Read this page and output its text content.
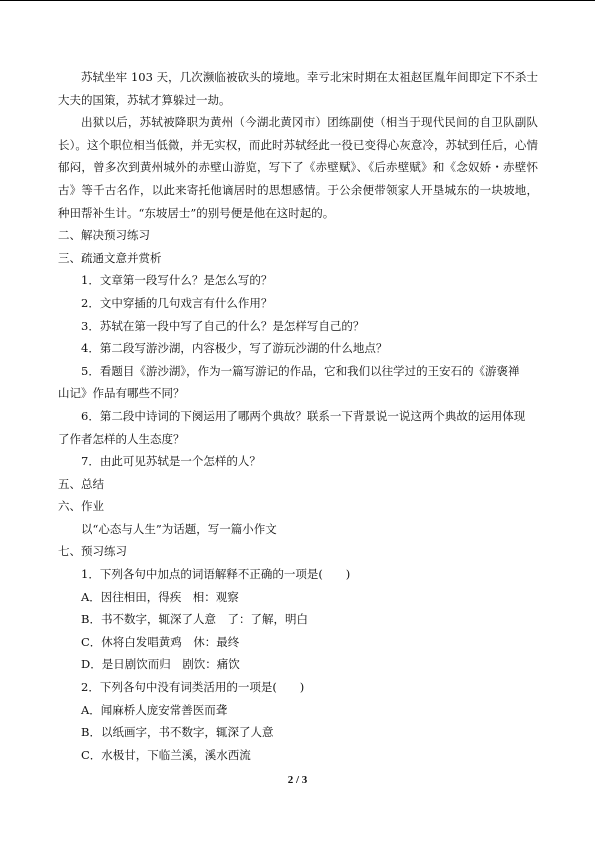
苏轼坐牢 103 天，几次濒临被砍头的境地。幸亏北宋时期在太祖赵匡胤年间即定下不杀士大夫的国策，苏轼才算躲过一劫。

出狱以后，苏轼被降职为黄州（今湖北黄冈市）团练副使（相当于现代民间的自卫队副队长）。这个职位相当低微，并无实权，而此时苏轼经此一役已变得心灰意冷，苏轼到任后，心情郁闷，曾多次到黄州城外的赤壁山游览，写下了《赤壁赋》、《后赤壁赋》和《念奴娇・赤壁怀古》等千古名作，以此来寄托他谪居时的思想感情。于公余便带领家人开垦城东的一块坡地，种田帮补生计。“东坡居士”的别号便是他在这时起的。

二、解决预习练习

三、疏通文意并赏析

1．文章第一段写什么？是怎么写的？

2．文中穿插的几句戏言有什么作用？

3．苏轼在第一段中写了自己的什么？是怎样写自己的？

4．第二段写游沙湖，内容极少，写了游玩沙湖的什么地点？

5．看题目《游沙湖》，作为一篇写游记的作品，它和我们以往学过的王安石的《游褒禅

山记》作品有哪些不同？

6．第二段中诗词的下阕运用了哪两个典故？联系一下背景说一说这两个典故的运用体现

了作者怎样的人生态度？

7．由此可见苏轼是一个怎样的人？

五、总结

六、作业

以“心态与人生”为话题，写一篇小作文

七、预习练习

1．下列各句中加点的词语解释不正确的一项是(　　)

A．因往相田，得疾　相：观察

B．书不数字，辄深了人意　了：了解，明白

C．休将白发唱黄鸡　休：最终

D．是日剧饮而归　剧饮：痛饮

2．下列各句中没有词类活用的一项是(　　)

A．闻麻桥人庞安常善医而聋

B．以纸画字，书不数字，辄深了人意

C．水极甘，下临兰溪，溪水西流

2 / 3
